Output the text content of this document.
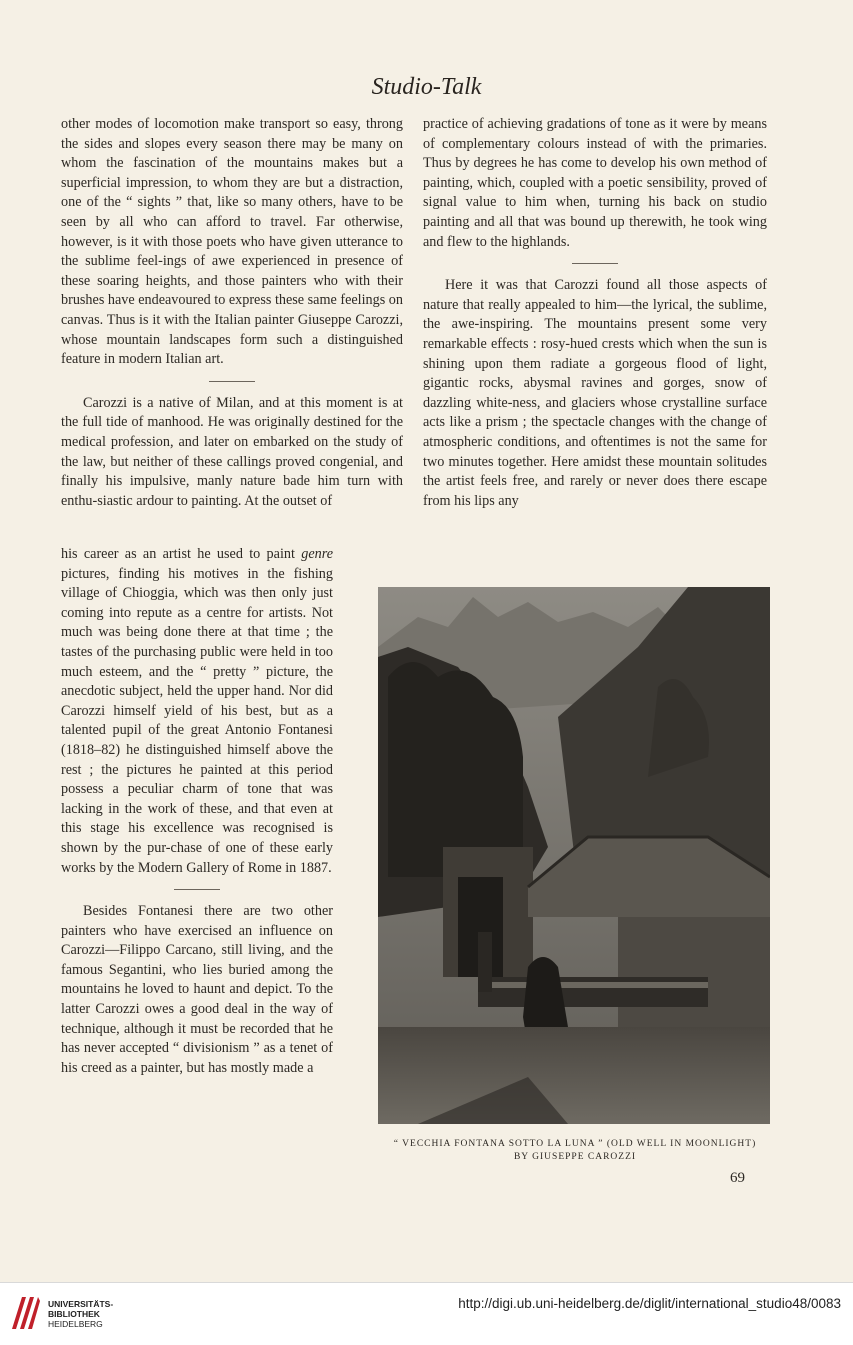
Studio-Talk

other modes of locomotion make transport so easy, throng the sides and slopes every season there may be many on whom the fascination of the mountains makes but a superficial impression, to whom they are but a distraction, one of the “ sights ” that, like so many others, have to be seen by all who can afford to travel. Far otherwise, however, is it with those poets who have given utterance to the sublime feel-ings of awe experienced in presence of these soaring heights, and those painters who with their brushes have endeavoured to express these same feelings on canvas. Thus is it with the Italian painter Giuseppe Carozzi, whose mountain landscapes form such a distinguished feature in modern Italian art.

Carozzi is a native of Milan, and at this moment is at the full tide of manhood. He was originally destined for the medical profession, and later on embarked on the study of the law, but neither of these callings proved congenial, and finally his impulsive, manly nature bade him turn with enthu-siastic ardour to painting. At the outset of

his career as an artist he used to paint genre pictures, finding his motives in the fishing village of Chioggia, which was then only just coming into repute as a centre for artists. Not much was being done there at that time ; the tastes of the purchasing public were held in too much esteem, and the “ pretty ” picture, the anecdotic subject, held the upper hand. Nor did Carozzi himself yield of his best, but as a talented pupil of the great Antonio Fontanesi (1818–82) he distinguished himself above the rest ; the pictures he painted at this period possess a peculiar charm of tone that was lacking in the work of these, and that even at this stage his excellence was recognised is shown by the pur-chase of one of these early works by the Modern Gallery of Rome in 1887.

Besides Fontanesi there are two other painters who have exercised an influence on Carozzi—Filippo Carcano, still living, and the famous Segantini, who lies buried among the mountains he loved to haunt and depict. To the latter Carozzi owes a good deal in the way of technique, although it must be recorded that he has never accepted “ divisionism ” as a tenet of his creed as a painter, but has mostly made a

practice of achieving gradations of tone as it were by means of complementary colours instead of with the primaries. Thus by degrees he has come to develop his own method of painting, which, coupled with a poetic sensibility, proved of signal value to him when, turning his back on studio painting and all that was bound up therewith, he took wing and flew to the highlands.

Here it was that Carozzi found all those aspects of nature that really appealed to him—the lyrical, the sublime, the awe-inspiring. The mountains present some very remarkable effects : rosy-hued crests which when the sun is shining upon them radiate a gorgeous flood of light, gigantic rocks, abysmal ravines and gorges, snow of dazzling white-ness, and glaciers whose crystalline surface acts like a prism ; the spectacle changes with the change of atmospheric conditions, and oftentimes is not the same for two minutes together. Here amidst these mountain solitudes the artist feels free, and rarely or never does there escape from his lips any

“ VECCHIA FONTANA SOTTO LA LUNA ” (OLD WELL IN MOONLIGHT)
BY GIUSEPPE CAROZZI
69
UNIVERSITÄTS-
BIBLIOTHEK
HEIDELBERG
http://digi.ub.uni-heidelberg.de/diglit/international_studio48/0083
